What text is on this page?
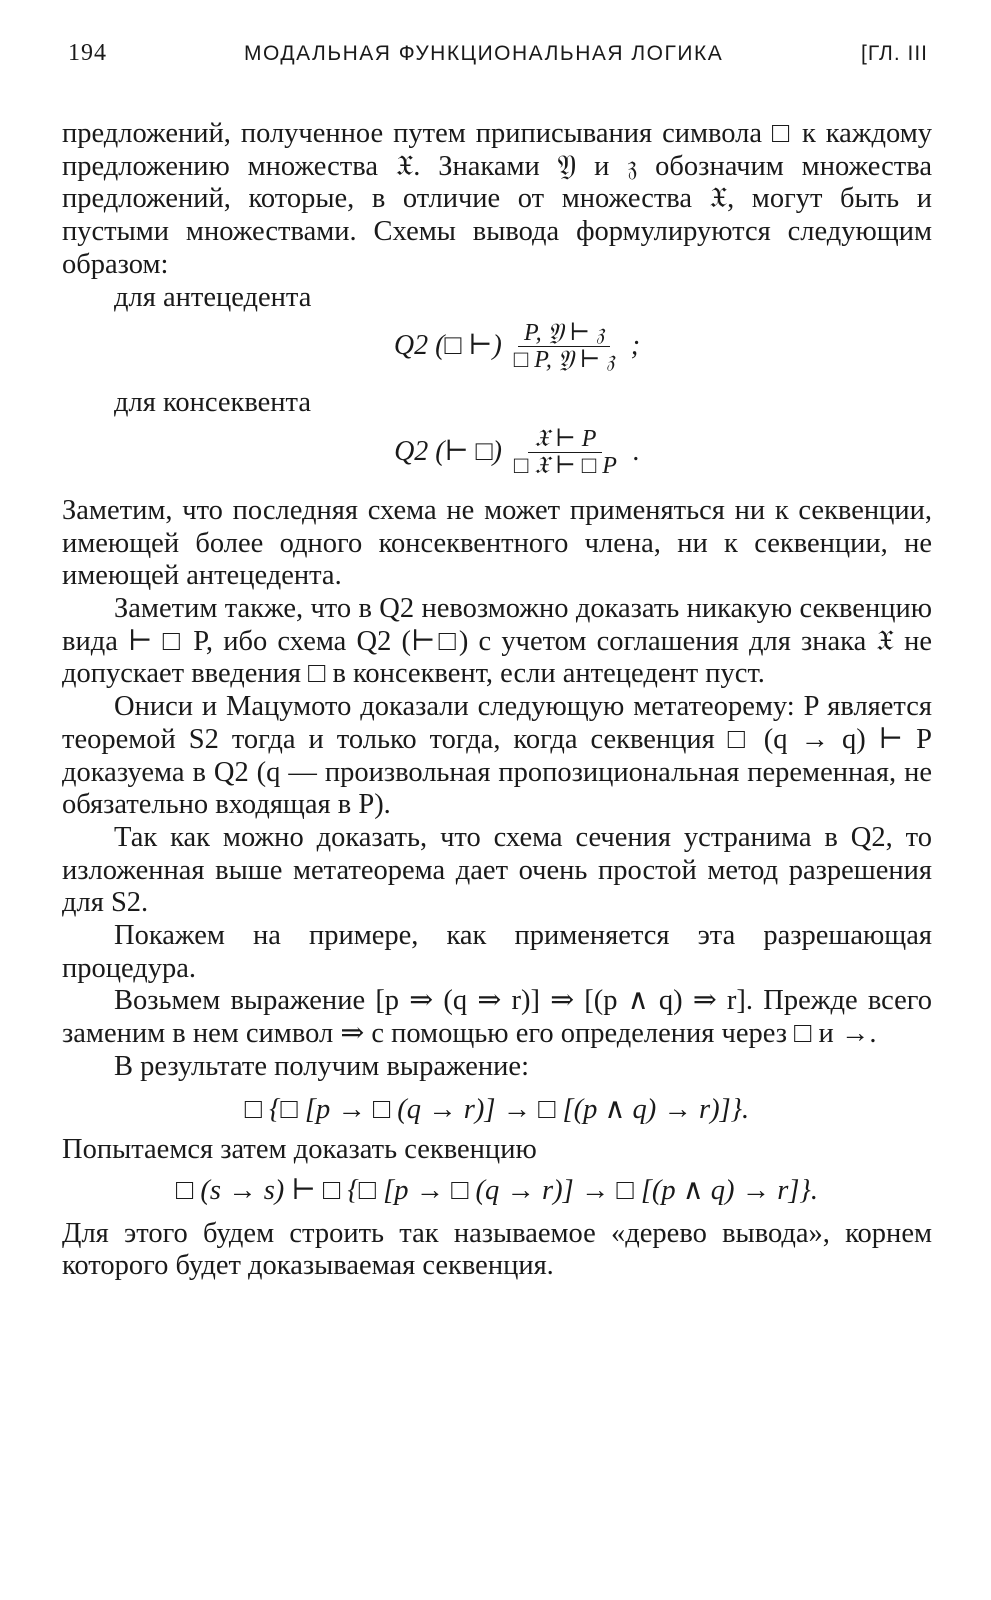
194	МОДАЛЬНАЯ ФУНКЦИОНАЛЬНАЯ ЛОГИКА	[ГЛ. III

предложений, полученное путем приписывания символа □ к каждому предложению множества 𝔛. Знаками 𝔜 и 𝔷 обозначим множества предложений, которые, в отличие от множества 𝔛, могут быть и пустыми множествами. Схемы вывода формулируются следующим образом:

для антецедента

Q2 (□ ⊢) $\frac{\text{P, 𝔜 ⊢ 𝔷}}{\text{□ P, 𝔜 ⊢ 𝔷}}$ ;

для консеквента

Q2 (⊢ □) $\frac{\text{𝔛 ⊢ P}}{\text{□ 𝔛 ⊢ □ P}}$ .

Заметим, что последняя схема не может применяться ни к секвенции, имеющей более одного консеквентного члена, ни к секвенции, не имеющей антецедента.

Заметим также, что в Q2 невозможно доказать никакую секвенцию вида ⊢ □ P, ибо схема Q2 (⊢□) с учетом соглашения для знака 𝔛 не допускает введения □ в консеквент, если антецедент пуст.

Ониси и Мацумото доказали следующую метатеорему: P является теоремой S2 тогда и только тогда, когда секвенция □ (q → q) ⊢ P доказуема в Q2 (q — произвольная пропозициональная переменная, не обязательно входящая в P).

Так как можно доказать, что схема сечения устранима в Q2, то изложенная выше метатеорема дает очень простой метод разрешения для S2.

Покажем на примере, как применяется эта разрешающая процедура.

Возьмем выражение [p ⇒ (q ⇒ r)] ⇒ [(p ∧ q) ⇒ r]. Прежде всего заменим в нем символ ⇒ с помощью его определения через □ и →.

В результате получим выражение:

□ {□ [p → □ (q → r)] → □ [(p ∧ q) → r)]}.

Попытаемся затем доказать секвенцию

□ (s → s) ⊢ □ {□ [p → □ (q → r)] → □ [(p ∧ q) → r]}.

Для этого будем строить так называемое «дерево вывода», корнем которого будет доказываемая секвенция.
